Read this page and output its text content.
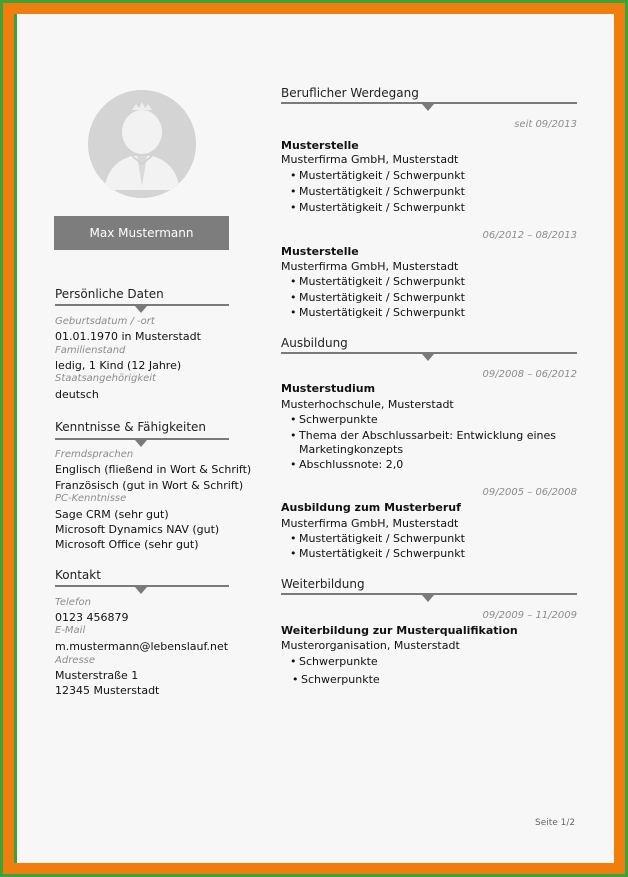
Max Mustermann
Persönliche Daten
Geburtsdatum / -ort
01.01.1970 in Musterstadt
Familienstand
ledig, 1 Kind (12 Jahre)
Staatsangehörigkeit
deutsch
Kenntnisse & Fähigkeiten
Fremdsprachen
Englisch (fließend in Wort & Schrift)
Französisch (gut in Wort & Schrift)
PC-Kenntnisse
Sage CRM (sehr gut)
Microsoft Dynamics NAV (gut)
Microsoft Office (sehr gut)
Kontakt
Telefon
0123 456879
E-Mail
m.mustermann@lebenslauf.net
Adresse
Musterstraße 1
12345 Musterstadt
Beruflicher Werdegang
seit 09/2013
Musterstelle
Musterfirma GmbH, Musterstadt
• Mustertätigkeit / Schwerpunkt
• Mustertätigkeit / Schwerpunkt
• Mustertätigkeit / Schwerpunkt
06/2012 – 08/2013
Musterstelle
Musterfirma GmbH, Musterstadt
• Mustertätigkeit / Schwerpunkt
• Mustertätigkeit / Schwerpunkt
• Mustertätigkeit / Schwerpunkt
Ausbildung
09/2008 – 06/2012
Musterstudium
Musterhochschule, Musterstadt
• Schwerpunkte
• Thema der Abschlussarbeit: Entwicklung eines
Marketingkonzepts
• Abschlussnote: 2,0
09/2005 – 06/2008
Ausbildung zum Musterberuf
Musterfirma GmbH, Musterstadt
• Mustertätigkeit / Schwerpunkt
• Mustertätigkeit / Schwerpunkt
Weiterbildung
09/2009 – 11/2009
Weiterbildung zur Musterqualifikation
Musterorganisation, Musterstadt
• Schwerpunkte
• Schwerpunkte
Seite 1/2
